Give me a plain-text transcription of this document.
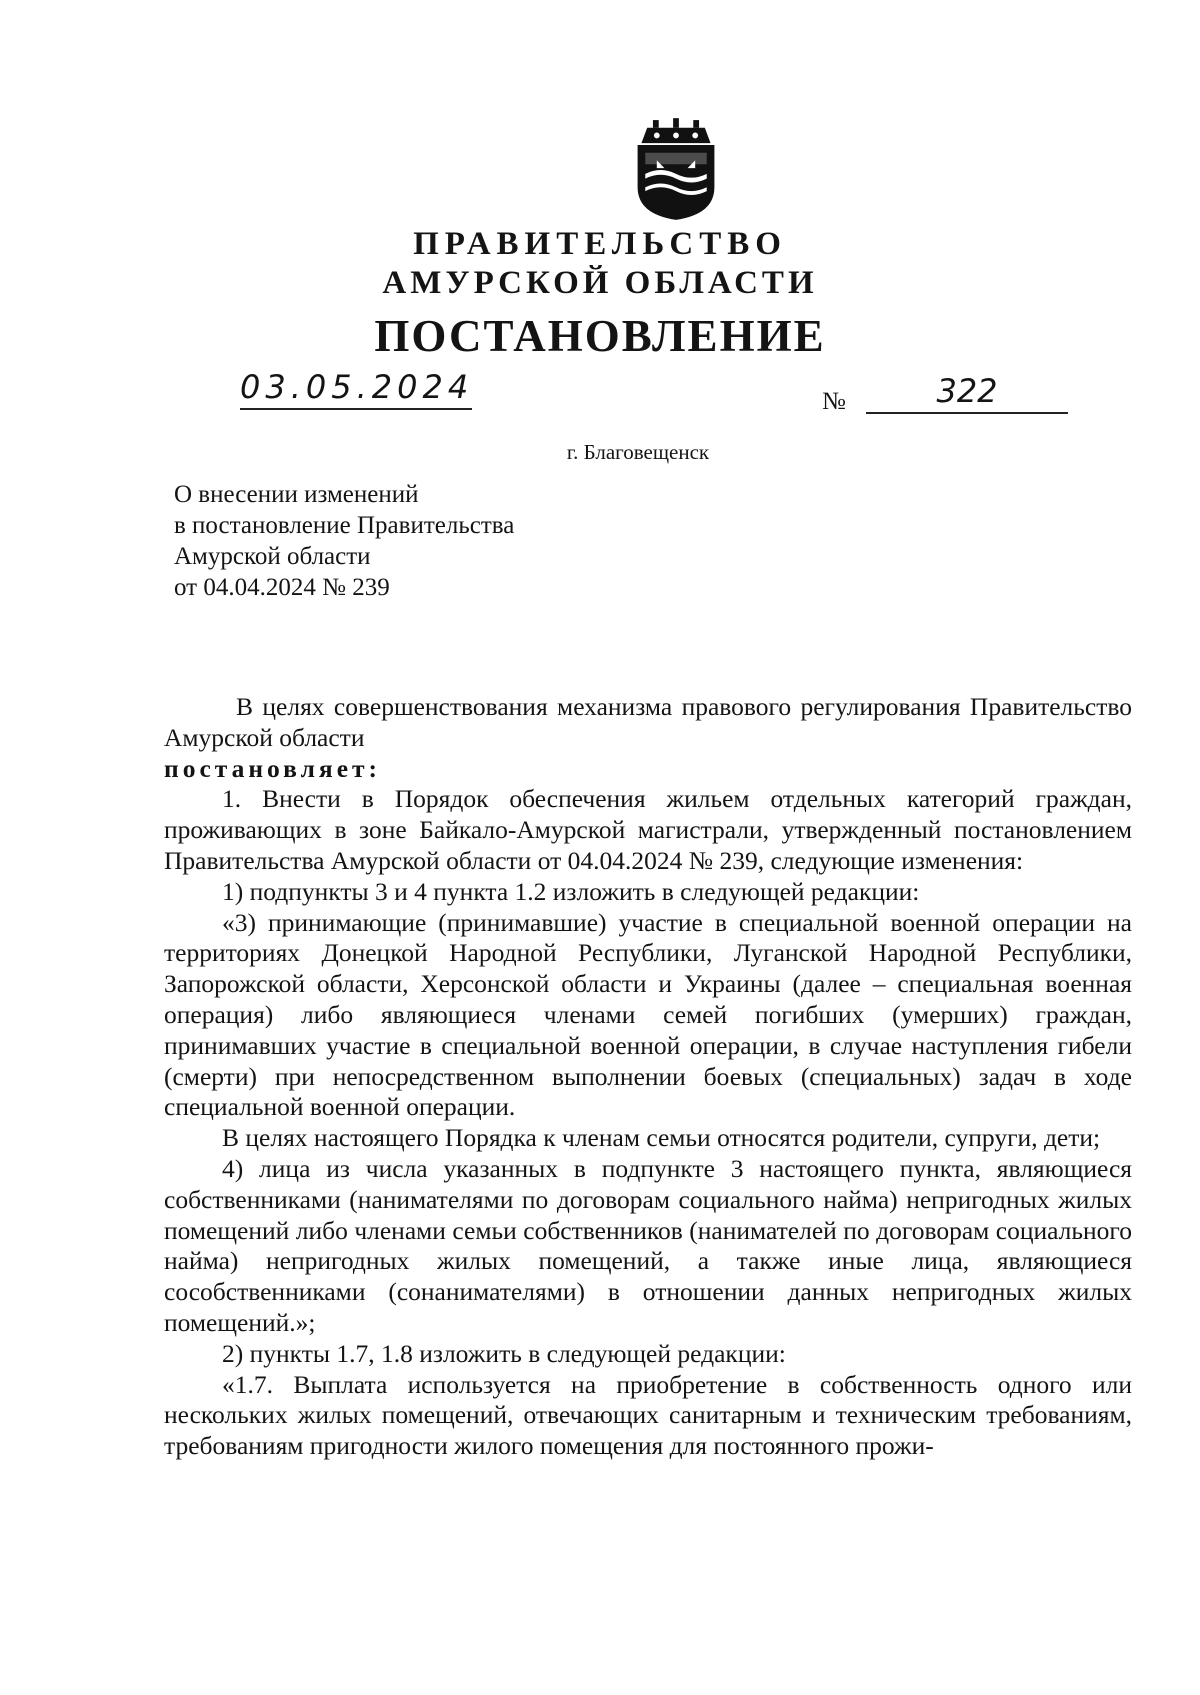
ПРАВИТЕЛЬСТВО
АМУРСКОЙ ОБЛАСТИ
ПОСТАНОВЛЕНИЕ
03.05.2024	№	322
г. Благовещенск
О внесении изменений
в постановление Правительства
Амурской области
от 04.04.2024 № 239

В целях совершенствования механизма правового регулирования Правительство Амурской области

постановляет:

1. Внести в Порядок обеспечения жильем отдельных категорий граждан, проживающих в зоне Байкало-Амурской магистрали, утвержденный постановлением Правительства Амурской области от 04.04.2024 № 239, следующие изменения:

1) подпункты 3 и 4 пункта 1.2 изложить в следующей редакции:

«3) принимающие (принимавшие) участие в специальной военной операции на территориях Донецкой Народной Республики, Луганской Народной Республики, Запорожской области, Херсонской области и Украины (далее – специальная военная операция) либо являющиеся членами семей погибших (умерших) граждан, принимавших участие в специальной военной операции, в случае наступления гибели (смерти) при непосредственном выполнении боевых (специальных) задач в ходе специальной военной операции.

В целях настоящего Порядка к членам семьи относятся родители, супруги, дети;

4) лица из числа указанных в подпункте 3 настоящего пункта, являющиеся собственниками (нанимателями по договорам социального найма) непригодных жилых помещений либо членами семьи собственников (нанимателей по договорам социального найма) непригодных жилых помещений, а также иные лица, являющиеся сособственниками (сонанимателями) в отношении данных непригодных жилых помещений.»;

2) пункты 1.7, 1.8 изложить в следующей редакции:

«1.7. Выплата используется на приобретение в собственность одного или нескольких жилых помещений, отвечающих санитарным и техническим требованиям, требованиям пригодности жилого помещения для постоянного прожи-
